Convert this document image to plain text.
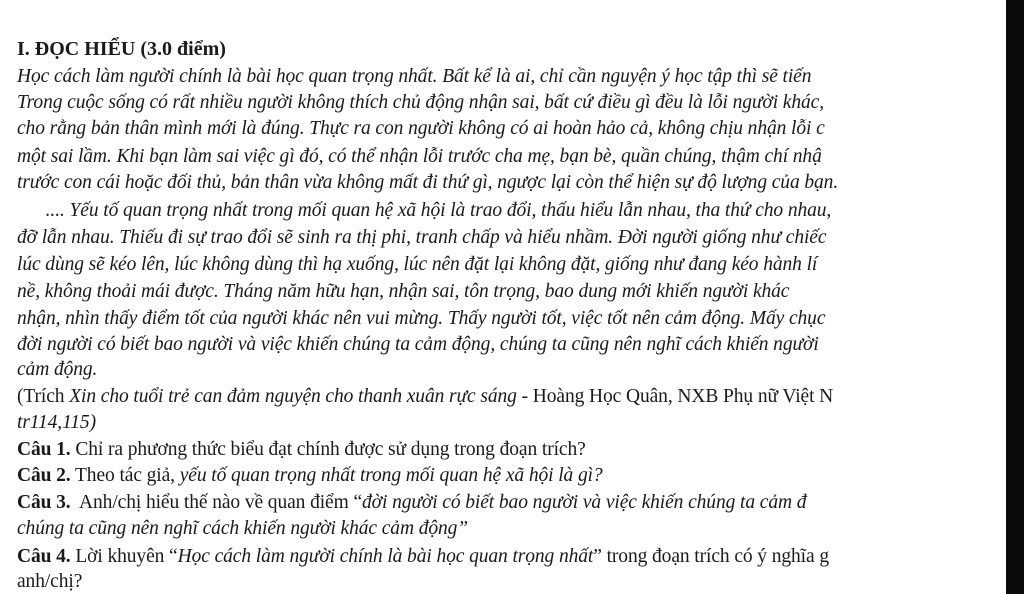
I. ĐỌC HIỂU (3.0 điểm)
Học cách làm người chính là bài học quan trọng nhất. Bất kể là ai, chỉ cần nguyện ý học tập thì sẽ tiến
Trong cuộc sống có rất nhiều người không thích chủ động nhận sai, bất cứ điều gì đều là lỗi người khác,
cho rằng bản thân mình mới là đúng. Thực ra con người không có ai hoàn hảo cả, không chịu nhận lỗi c
một sai lầm. Khi bạn làm sai việc gì đó, có thể nhận lỗi trước cha mẹ, bạn bè, quần chúng, thậm chí nhậ
trước con cái hoặc đối thủ, bản thân vừa không mất đi thứ gì, ngược lại còn thể hiện sự độ lượng của bạn.
.... Yếu tố quan trọng nhất trong mối quan hệ xã hội là trao đổi, thấu hiểu lẫn nhau, tha thứ cho nhau,
đỡ lẫn nhau. Thiếu đi sự trao đổi sẽ sinh ra thị phi, tranh chấp và hiểu nhầm. Đời người giống như chiếc
lúc dùng sẽ kéo lên, lúc không dùng thì hạ xuống, lúc nên đặt lại không đặt, giống như đang kéo hành lí
nề, không thoải mái được. Tháng năm hữu hạn, nhận sai, tôn trọng, bao dung mới khiến người khác
nhận, nhìn thấy điểm tốt của người khác nên vui mừng. Thấy người tốt, việc tốt nên cảm động. Mấy chục
đời người có biết bao người và việc khiến chúng ta cảm động, chúng ta cũng nên nghĩ cách khiến người
cảm động.
(Trích Xin cho tuổi trẻ can đảm nguyện cho thanh xuân rực sáng - Hoàng Học Quân, NXB Phụ nữ Việt N
tr114,115)
Câu 1. Chỉ ra phương thức biểu đạt chính được sử dụng trong đoạn trích?
Câu 2. Theo tác giả, yếu tố quan trọng nhất trong mối quan hệ xã hội là gì?
Câu 3.  Anh/chị hiểu thế nào về quan điểm “đời người có biết bao người và việc khiến chúng ta cảm đ
chúng ta cũng nên nghĩ cách khiến người khác cảm động”
Câu 4. Lời khuyên “Học cách làm người chính là bài học quan trọng nhất” trong đoạn trích có ý nghĩa g
anh/chị?
